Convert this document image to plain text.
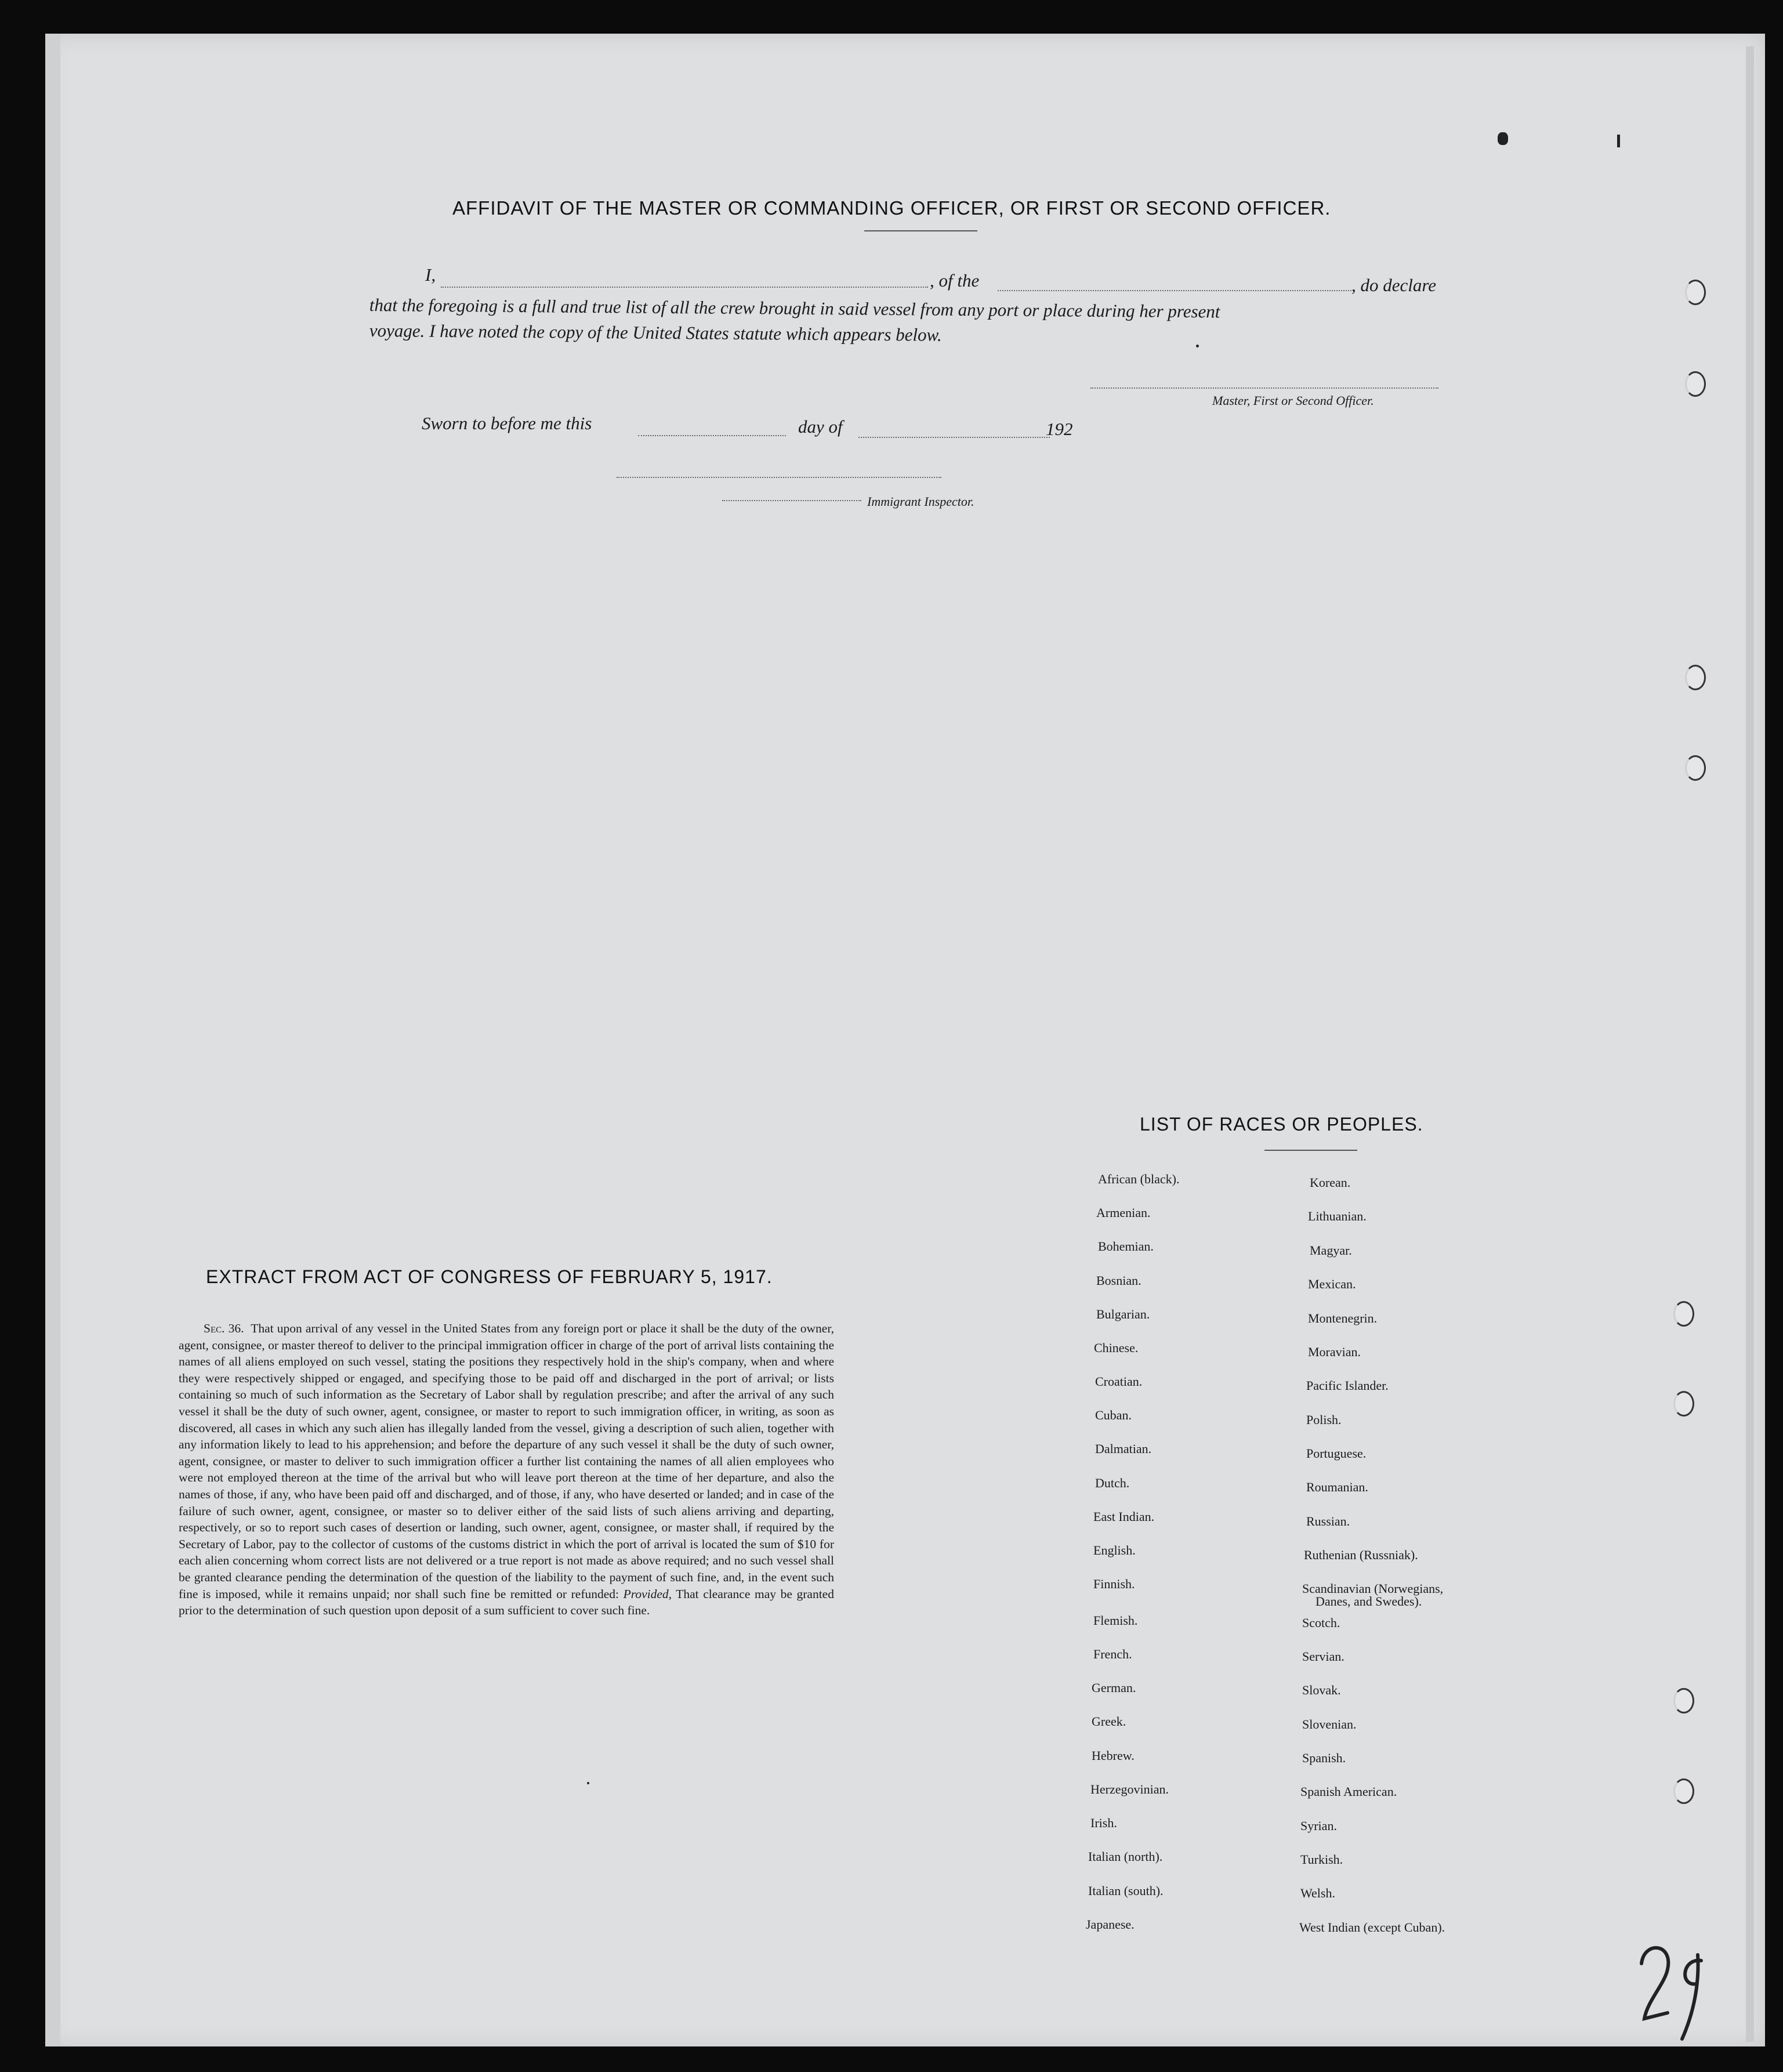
AFFIDAVIT OF THE MASTER OR COMMANDING OFFICER, OR FIRST OR SECOND OFFICER.
I,	, of the	, do declare
that the foregoing is a full and true list of all the crew brought in said vessel from any port or place during her present
voyage. I have noted the copy of the United States statute which appears below.
Master, First or Second Officer.
Sworn to before me this	day of	192
Immigrant Inspector.
EXTRACT FROM ACT OF CONGRESS OF FEBRUARY 5, 1917.
  Sec. 36. That upon arrival of any vessel in the United States from any foreign port or place it shall be the duty of the owner, agent, consignee, or master thereof to deliver to the principal immigration officer in charge of the port of arrival lists containing the names of all aliens employed on such vessel, stating the positions they respectively hold in the ship's company, when and where they were respectively shipped or engaged, and specifying those to be paid off and discharged in the port of arrival; or lists containing so much of such information as the Secretary of Labor shall by regulation prescribe; and after the arrival of any such vessel it shall be the duty of such owner, agent, consignee, or master to report to such immigration officer, in writing, as soon as discovered, all cases in which any such alien has illegally landed from the vessel, giving a description of such alien, together with any information likely to lead to his apprehension; and before the departure of any such vessel it shall be the duty of such owner, agent, consignee, or master to deliver to such immigration officer a further list containing the names of all alien employees who were not employed thereon at the time of the arrival but who will leave port thereon at the time of her departure, and also the names of those, if any, who have been paid off and discharged, and of those, if any, who have deserted or landed; and in case of the failure of such owner, agent, consignee, or master so to deliver either of the said lists of such aliens arriving and departing, respectively, or so to report such cases of desertion or landing, such owner, agent, consignee, or master shall, if required by the Secretary of Labor, pay to the collector of customs of the customs district in which the port of arrival is located the sum of $10 for each alien concerning whom correct lists are not delivered or a true report is not made as above required; and no such vessel shall be granted clearance pending the determination of the question of the liability to the payment of such fine, and, in the event such fine is imposed, while it remains unpaid; nor shall such fine be remitted or refunded: Provided, That clearance may be granted prior to the determination of such question upon deposit of a sum sufficient to cover such fine.
LIST OF RACES OR PEOPLES.
African (black).
Armenian.
Bohemian.
Bosnian.
Bulgarian.
Chinese.
Croatian.
Cuban.
Dalmatian.
Dutch.
East Indian.
English.
Finnish.
Flemish.
French.
German.
Greek.
Hebrew.
Herzegovinian.
Irish.
Italian (north).
Italian (south).
Japanese.
Korean.
Lithuanian.
Magyar.
Mexican.
Montenegrin.
Moravian.
Pacific Islander.
Polish.
Portuguese.
Roumanian.
Russian.
Ruthenian (Russniak).
Scandinavian (Norwegians,
Scotch.
Servian.
Slovak.
Slovenian.
Spanish.
Spanish American.
Syrian.
Turkish.
Welsh.
West Indian (except Cuban).
Danes, and Swedes).
